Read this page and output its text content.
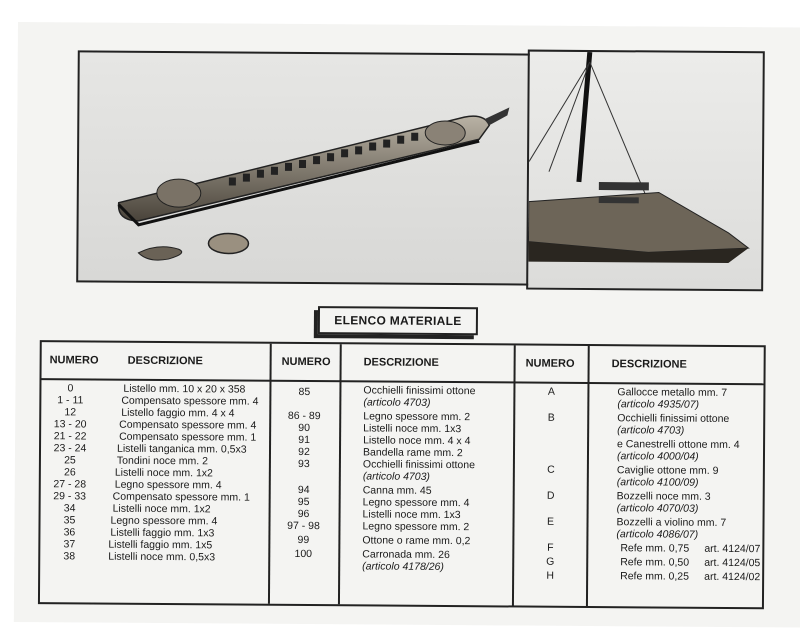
ELENCO MATERIALE
NUMERO	DESCRIZIONE	NUMERO	DESCRIZIONE	NUMERO	DESCRIZIONE
0	Listello mm. 10 x 20 x 358
1 - 11	Compensato spessore mm. 4
12	Listello faggio mm. 4 x 4
13 - 20	Compensato spessore mm. 4
21 - 22	Compensato spessore mm. 1
23 - 24	Listelli tanganica mm. 0,5x3
25	Tondini noce mm. 2
26	Listelli noce mm. 1x2
27 - 28	Legno spessore mm. 4
29 - 33	Compensato spessore mm. 1
34	Listelli noce mm. 1x2
35	Legno spessore mm. 4
36	Listelli faggio mm. 1x3
37	Listelli faggio mm. 1x5
38	Listelli noce mm. 0,5x3
85	Occhielli finissimi ottone
(articolo 4703)
86 - 89	Legno spessore mm. 2
90	Listelli noce mm. 1x3
91	Listello noce mm. 4 x 4
92	Bandella rame mm. 2
93	Occhielli finissimi ottone
(articolo 4703)
94	Canna mm. 45
95	Legno spessore mm. 4
96	Listelli noce mm. 1x3
97 - 98	Legno spessore mm. 2
99	Ottone o rame mm. 0,2
100	Carronada mm. 26
(articolo 4178/26)
A	Gallocce metallo mm. 7
(articolo 4935/07)
B	Occhielli finissimi ottone
(articolo 4703)
e Canestrelli ottone mm. 4
(articolo 4000/04)
C	Caviglie ottone mm. 9
(articolo 4100/09)
D	Bozzelli noce mm. 3
(articolo 4070/03)
E	Bozzelli a violino mm. 7
(articolo 4086/07)
F	Refe mm. 0,75 art. 4124/07
G	Refe mm. 0,50 art. 4124/05
H	Refe mm. 0,25 art. 4124/02
